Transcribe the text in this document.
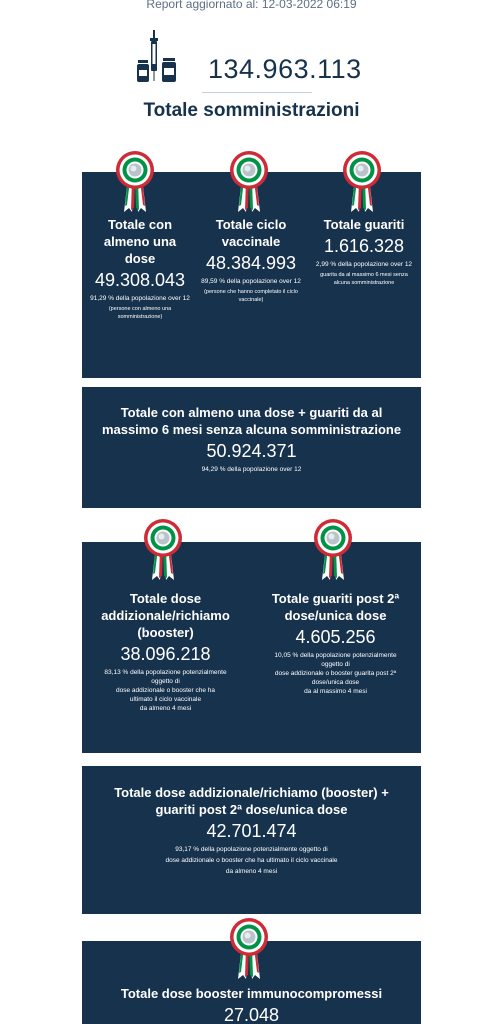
Report aggiornato al: 12-03-2022 06:19
134.963.113
Totale somministrazioni
Totale con almeno una dose
49.308.043
91,29 % della popolazione over 12
(persone con almeno una somministrazione)
Totale ciclo vaccinale
48.384.993
89,59 % della popolazione over 12
(persone che hanno completato il ciclo vaccinale)
Totale guariti
1.616.328
2,99 % della popolazione over 12
guarita da al massimo 6 mesi senza alcuna somministrazione
Totale con almeno una dose + guariti da al massimo 6 mesi senza alcuna somministrazione
50.924.371
94,29 % della popolazione over 12
Totale dose addizionale/richiamo (booster)
38.096.218
83,13 % della popolazione potenzialmente
oggetto di
dose addizionale o booster che ha
ultimato il ciclo vaccinale
da almeno 4 mesi
Totale guariti post 2ª dose/unica dose
4.605.256
10,05 % della popolazione potenzialmente
oggetto di
dose addizionale o booster guarita post 2ª
dose/unica dose
da al massimo 4 mesi
Totale dose addizionale/richiamo (booster) + guariti post 2ª dose/unica dose
42.701.474
93,17 % della popolazione potenzialmente oggetto di
dose addizionale o booster che ha ultimato il ciclo vaccinale
da almeno 4 mesi
Totale dose booster immunocompromessi
27.048
